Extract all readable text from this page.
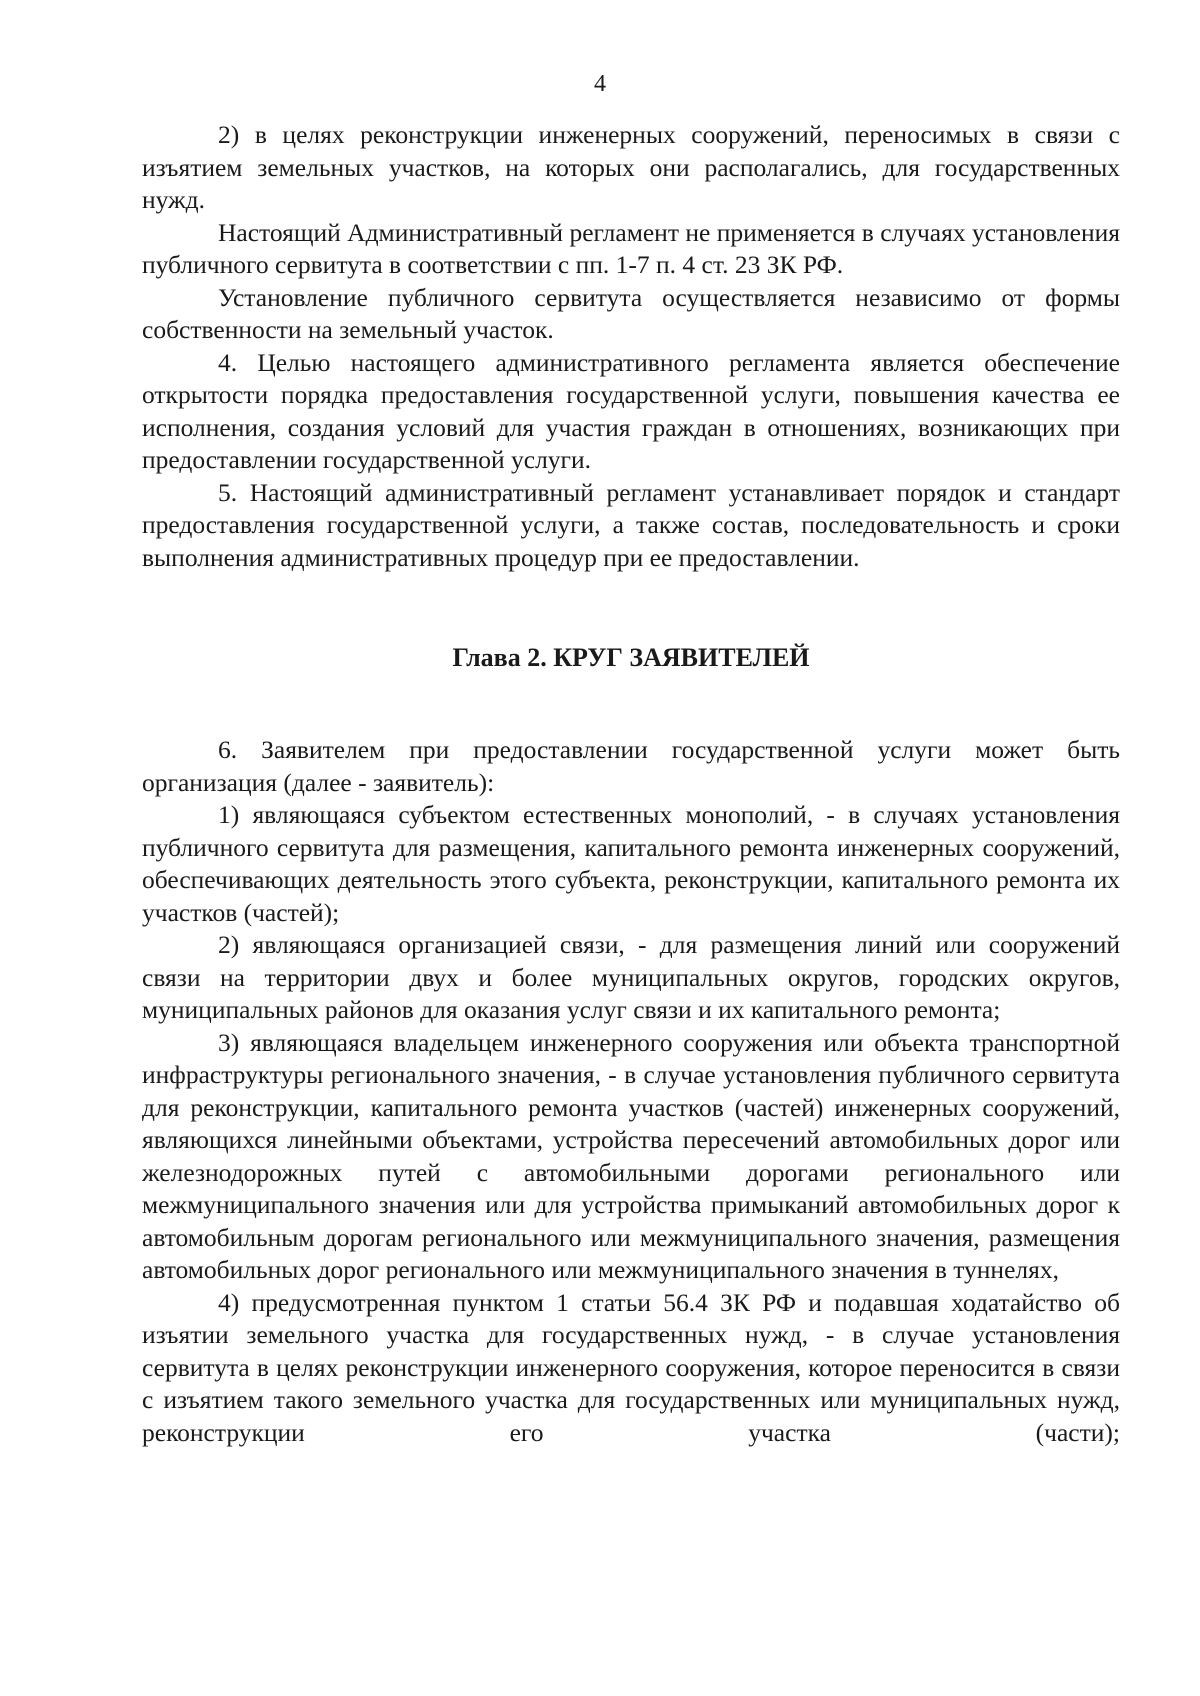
4

2) в целях реконструкции инженерных сооружений, переносимых в связи с изъятием земельных участков, на которых они располагались, для государственных нужд.

Настоящий Административный регламент не применяется в случаях установления публичного сервитута в соответствии с пп. 1-7 п. 4 ст. 23 ЗК РФ.

Установление публичного сервитута осуществляется независимо от формы собственности на земельный участок.

4. Целью настоящего административного регламента является обеспечение открытости порядка предоставления государственной услуги, повышения качества ее исполнения, создания условий для участия граждан в отношениях, возникающих при предоставлении государственной услуги.

5. Настоящий административный регламент устанавливает порядок и стандарт предоставления государственной услуги, а также состав, последовательность и сроки выполнения административных процедур при ее предоставлении.

Глава 2. КРУГ ЗАЯВИТЕЛЕЙ

6. Заявителем при предоставлении государственной услуги может быть организация (далее - заявитель):

1) являющаяся субъектом естественных монополий, - в случаях установления публичного сервитута для размещения, капитального ремонта инженерных сооружений, обеспечивающих деятельность этого субъекта, реконструкции, капитального ремонта их участков (частей);

2) являющаяся организацией связи, - для размещения линий или сооружений связи на территории двух и более муниципальных округов, городских округов, муниципальных районов для оказания услуг связи и их капитального ремонта;

3) являющаяся владельцем инженерного сооружения или объекта транспортной инфраструктуры регионального значения, - в случае установления публичного сервитута для реконструкции, капитального ремонта участков (частей) инженерных сооружений, являющихся линейными объектами, устройства пересечений автомобильных дорог или железнодорожных путей с автомобильными дорогами регионального или межмуниципального значения или для устройства примыканий автомобильных дорог к автомобильным дорогам регионального или межмуниципального значения, размещения автомобильных дорог регионального или межмуниципального значения в туннелях,

4) предусмотренная пунктом 1 статьи 56.4 ЗК РФ и подавшая ходатайство об изъятии земельного участка для государственных нужд, - в случае установления сервитута в целях реконструкции инженерного сооружения, которое переносится в связи с изъятием такого земельного участка для государственных или муниципальных нужд, реконструкции его участка (части);
